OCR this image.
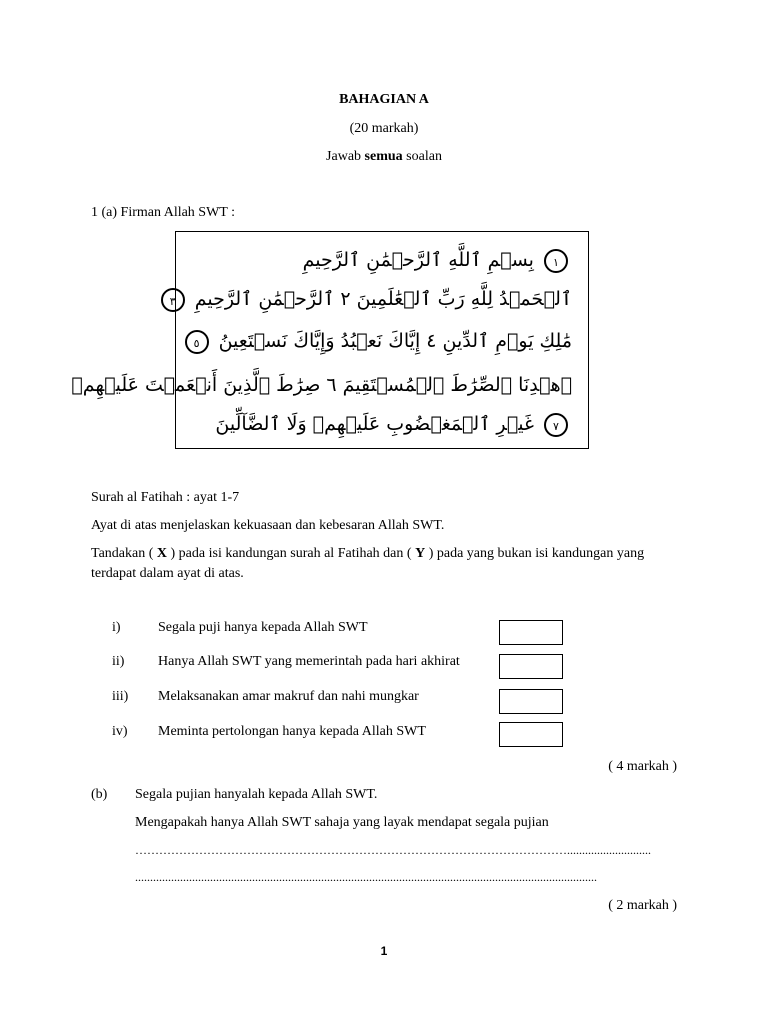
BAHAGIAN A
(20 markah)
Jawab semua soalan
1 (a) Firman Allah SWT :
١ بِسۡمِ ٱللَّهِ ٱلرَّحۡمَٰنِ ٱلرَّحِيمِ
ٱلۡحَمۡدُ لِلَّهِ رَبِّ ٱلۡعَٰلَمِينَ ٢ ٱلرَّحۡمَٰنِ ٱلرَّحِيمِ ٣
مَٰلِكِ يَوۡمِ ٱلدِّينِ ٤ إِيَّاكَ نَعۡبُدُ وَإِيَّاكَ نَسۡتَعِينُ ٥
ٱهۡدِنَا ٱلصِّرَٰطَ ٱلۡمُسۡتَقِيمَ ٦ صِرَٰطَ ٱلَّذِينَ أَنۡعَمۡتَ عَلَيۡهِمۡ
٧ غَيۡرِ ٱلۡمَغۡضُوبِ عَلَيۡهِمۡ وَلَا ٱلضَّآلِّينَ
Surah al Fatihah : ayat 1-7
Ayat di atas menjelaskan kekuasaan dan kebesaran Allah SWT.
Tandakan ( X ) pada isi kandungan surah al Fatihah dan ( Y ) pada yang bukan isi kandungan yang
terdapat dalam ayat di atas.
i)	Segala puji hanya kepada Allah SWT
ii) Hanya Allah SWT yang memerintah pada hari akhirat
iii) Melaksanakan amar makruf dan nahi mungkar
iv) Meminta pertolongan hanya kepada Allah SWT
( 4 markah )
(b) Segala pujian hanyalah kepada Allah SWT.
Mengapakah hanya Allah SWT sahaja yang layak mendapat segala pujian
………………………………………………………………………………………………............................
..........................................................................................................................................................
( 2 markah )
1
